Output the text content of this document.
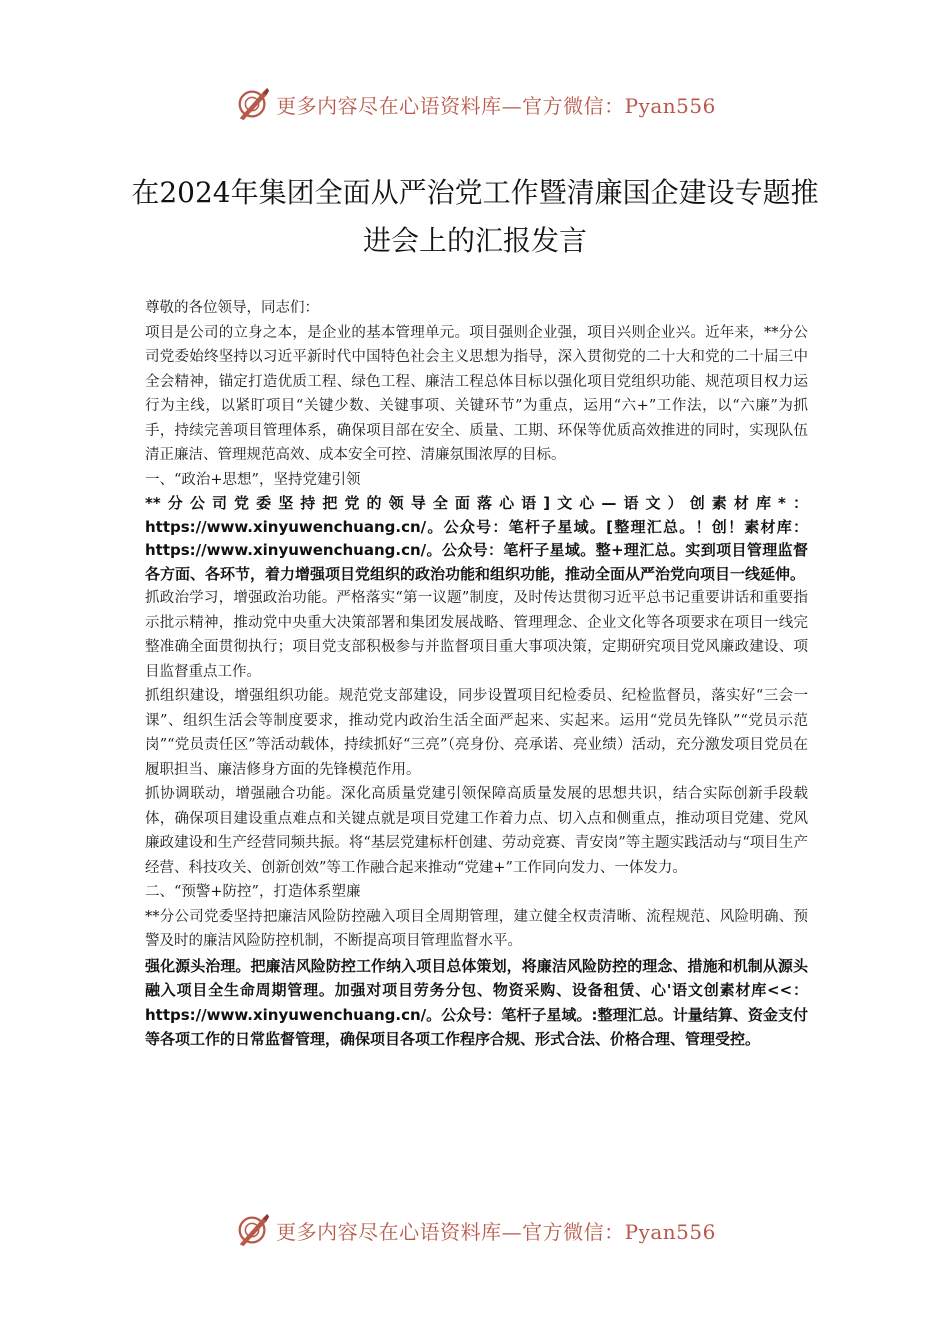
更多内容尽在心语资料库—官方微信：Pyan556
在2024年集团全面从严治党工作暨清廉国企建设专题推进会上的汇报发言

尊敬的各位领导，同志们：

项目是公司的立身之本，是企业的基本管理单元。项目强则企业强，项目兴则企业兴。近年来，**分公司党委始终坚持以习近平新时代中国特色社会主义思想为指导，深入贯彻党的二十大和党的二十届三中全会精神，锚定打造优质工程、绿色工程、廉洁工程总体目标以强化项目党组织功能、规范项目权力运行为主线，以紧盯项目“关键少数、关键事项、关键环节”为重点，运用“六+”工作法，以“六廉”为抓手，持续完善项目管理体系，确保项目部在安全、质量、工期、环保等优质高效推进的同时，实现队伍清正廉洁、管理规范高效、成本安全可控、清廉氛围浓厚的目标。

一、“政治+思想”，坚持党建引领

**分公司党委坚持把党的领导全面落心语]文心—语文）创素材库*：https://www.xinyuwenchuang.cn/。公众号：笔杆子星域。[整理汇总。！创！素材库：https://www.xinyuwenchuang.cn/。公众号：笔杆子星域。整+理汇总。实到项目管理监督各方面、各环节，着力增强项目党组织的政治功能和组织功能，推动全面从严治党向项目一线延伸。

抓政治学习，增强政治功能。严格落实“第一议题”制度，及时传达贯彻习近平总书记重要讲话和重要指示批示精神，推动党中央重大决策部署和集团发展战略、管理理念、企业文化等各项要求在项目一线完整准确全面贯彻执行；项目党支部积极参与并监督项目重大事项决策，定期研究项目党风廉政建设、项目监督重点工作。

抓组织建设，增强组织功能。规范党支部建设，同步设置项目纪检委员、纪检监督员，落实好“三会一课”、组织生活会等制度要求，推动党内政治生活全面严起来、实起来。运用“党员先锋队”“党员示范岗”“党员责任区”等活动载体，持续抓好“三亮”（亮身份、亮承诺、亮业绩）活动，充分激发项目党员在履职担当、廉洁修身方面的先锋模范作用。

抓协调联动，增强融合功能。深化高质量党建引领保障高质量发展的思想共识，结合实际创新手段载体，确保项目建设重点难点和关键点就是项目党建工作着力点、切入点和侧重点，推动项目党建、党风廉政建设和生产经营同频共振。将“基层党建标杆创建、劳动竞赛、青安岗”等主题实践活动与“项目生产经营、科技攻关、创新创效”等工作融合起来推动“党建+”工作同向发力、一体发力。

二、“预警+防控”，打造体系塑廉

**分公司党委坚持把廉洁风险防控融入项目全周期管理，建立健全权责清晰、流程规范、风险明确、预警及时的廉洁风险防控机制，不断提高项目管理监督水平。

强化源头治理。把廉洁风险防控工作纳入项目总体策划，将廉洁风险防控的理念、措施和机制从源头融入项目全生命周期管理。加强对项目劳务分包、物资采购、设备租赁、心'语文创素材库<<：https://www.xinyuwenchuang.cn/。公众号：笔杆子星域。:整理汇总。计量结算、资金支付等各项工作的日常监督管理，确保项目各项工作程序合规、形式合法、价格合理、管理受控。

更多内容尽在心语资料库—官方微信：Pyan556
